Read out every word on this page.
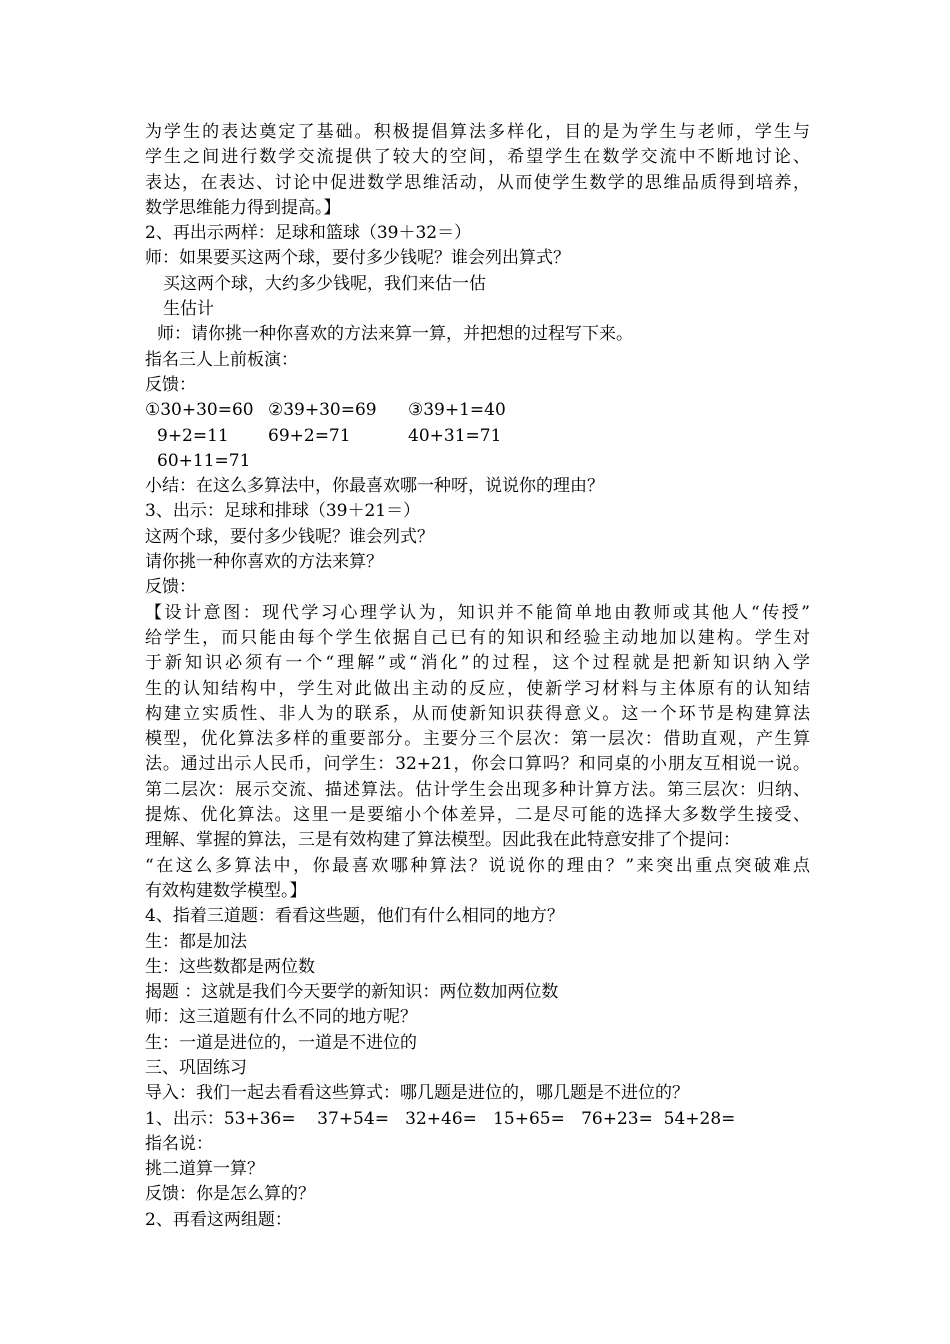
为学生的表达奠定了基础。积极提倡算法多样化，目的是为学生与老师，学生与
学生之间进行数学交流提供了较大的空间，希望学生在数学交流中不断地讨论、
表达，在表达、讨论中促进数学思维活动，从而使学生数学的思维品质得到培养，
数学思维能力得到提高。】
2、再出示两样：足球和篮球（39＋32＝）
师：如果要买这两个球，要付多少钱呢？谁会列出算式？
买这两个球，大约多少钱呢，我们来估一估
生估计
师：请你挑一种你喜欢的方法来算一算，并把想的过程写下来。
指名三人上前板演：
反馈：
①30+30=60 ②39+30=69	③39+1=40
9+2=11	69+2=71	40+31=71
60+11=71
小结：在这么多算法中，你最喜欢哪一种呀，说说你的理由？
3、出示：足球和排球（39＋21＝）
这两个球，要付多少钱呢？谁会列式？
请你挑一种你喜欢的方法来算？
反馈：
【设计意图：现代学习心理学认为，知识并不能简单地由教师或其他人“传授”
给学生，而只能由每个学生依据自己已有的知识和经验主动地加以建构。学生对
于新知识必须有一个“理解”或“消化”的过程，这个过程就是把新知识纳入学
生的认知结构中，学生对此做出主动的反应，使新学习材料与主体原有的认知结
构建立实质性、非人为的联系，从而使新知识获得意义。这一个环节是构建算法
模型，优化算法多样的重要部分。主要分三个层次：第一层次：借助直观，产生算
法。通过出示人民币，问学生：32+21，你会口算吗？和同桌的小朋友互相说一说。
第二层次：展示交流、描述算法。估计学生会出现多种计算方法。第三层次：归纳、
提炼、优化算法。这里一是要缩小个体差异，二是尽可能的选择大多数学生接受、
理解、掌握的算法，三是有效构建了算法模型。因此我在此特意安排了个提问：
“在这么多算法中，你最喜欢哪种算法？说说你的理由？”来突出重点突破难点
有效构建数学模型。】
4、指着三道题：看看这些题，他们有什么相同的地方？
生：都是加法
生：这些数都是两位数
揭题 ：这就是我们今天要学的新知识：两位数加两位数
师：这三道题有什么不同的地方呢？
生：一道是进位的，一道是不进位的
三、巩固练习
导入：我们一起去看看这些算式：哪几题是进位的，哪几题是不进位的？
1、出示：53+36=    37+54=   32+46=   15+65=   76+23=  54+28=
指名说：
挑二道算一算？
反馈：你是怎么算的？
2、再看这两组题：
